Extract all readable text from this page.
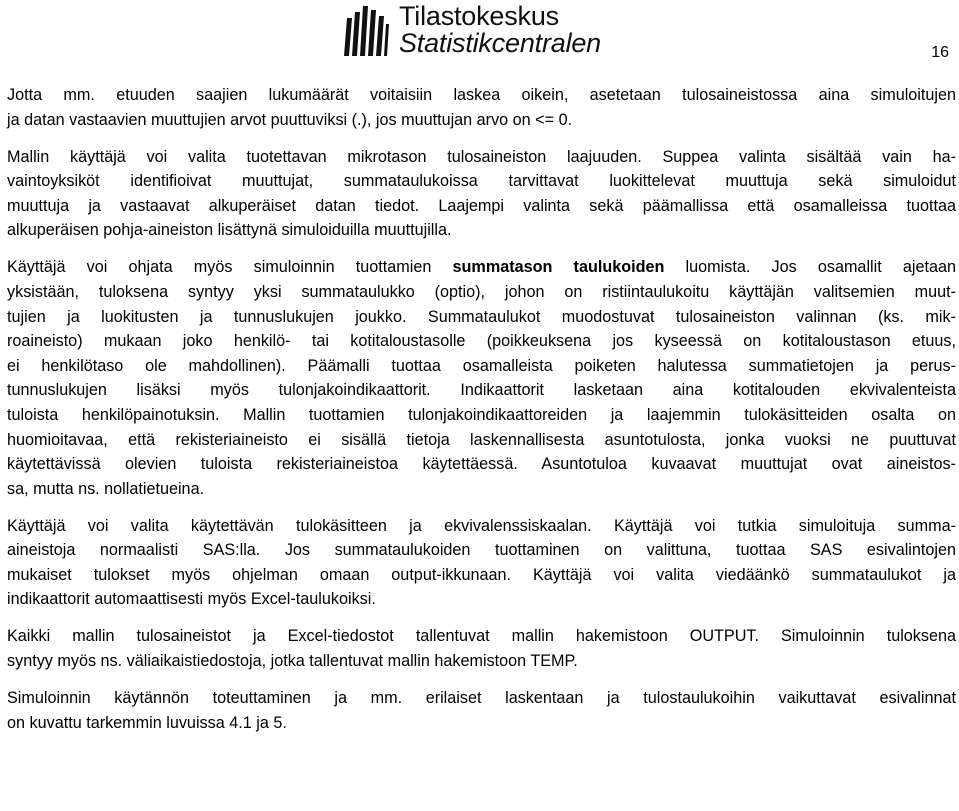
Tilastokeskus
Statistikcentralen	16

Jotta mm. etuuden saajien lukumäärät voitaisiin laskea oikein, asetetaan tulosaineistossa aina simuloitujen
ja datan vastaavien muuttujien arvot puuttuviksi (.), jos muuttujan arvo on <= 0.

Mallin käyttäjä voi valita tuotettavan mikrotason tulosaineiston laajuuden. Suppea valinta sisältää vain ha-
vaintoyksiköt identifioivat muuttujat, summataulukoissa tarvittavat luokittelevat muuttuja sekä simuloidut
muuttuja ja vastaavat alkuperäiset datan tiedot. Laajempi valinta sekä päämallissa että osamalleissa tuottaa
alkuperäisen pohja-aineiston lisättynä simuloiduilla muuttujilla.

Käyttäjä voi ohjata myös simuloinnin tuottamien summatason taulukoiden luomista. Jos osamallit ajetaan
yksistään, tuloksena syntyy yksi summataulukko (optio), johon on ristiintaulukoitu käyttäjän valitsemien muut-
tujien ja luokitusten ja tunnuslukujen joukko. Summataulukot muodostuvat tulosaineiston valinnan (ks. mik-
roaineisto) mukaan joko henkilö- tai kotitaloustasolle (poikkeuksena jos kyseessä on kotitaloustason etuus,
ei henkilötaso ole mahdollinen). Päämalli tuottaa osamalleista poiketen halutessa summatietojen ja perus-
tunnuslukujen lisäksi myös tulonjakoindikaattorit. Indikaattorit lasketaan aina kotitalouden ekvivalenteista
tuloista henkilöpainotuksin. Mallin tuottamien tulonjakoindikaattoreiden ja laajemmin tulokäsitteiden osalta on
huomioitavaa, että rekisteriaineisto ei sisällä tietoja laskennallisesta asuntotulosta, jonka vuoksi ne puuttuvat
käytettävissä olevien tuloista rekisteriaineistoa käytettäessä. Asuntotuloa kuvaavat muuttujat ovat aineistos-
sa, mutta ns. nollatietueina.

Käyttäjä voi valita käytettävän tulokäsitteen ja ekvivalenssiskaalan. Käyttäjä voi tutkia simuloituja summa-
aineistoja normaalisti SAS:lla. Jos summataulukoiden tuottaminen on valittuna, tuottaa SAS esivalintojen
mukaiset tulokset myös ohjelman omaan output-ikkunaan. Käyttäjä voi valita viedäänkö summataulukot ja
indikaattorit automaattisesti myös Excel-taulukoiksi.

Kaikki mallin tulosaineistot ja Excel-tiedostot tallentuvat mallin hakemistoon OUTPUT. Simuloinnin tuloksena
syntyy myös ns. väliaikaistiedostoja, jotka tallentuvat mallin hakemistoon TEMP.

Simuloinnin käytännön toteuttaminen ja mm. erilaiset laskentaan ja tulostaulukoihin vaikuttavat esivalinnat
on kuvattu tarkemmin luvuissa 4.1 ja 5.
